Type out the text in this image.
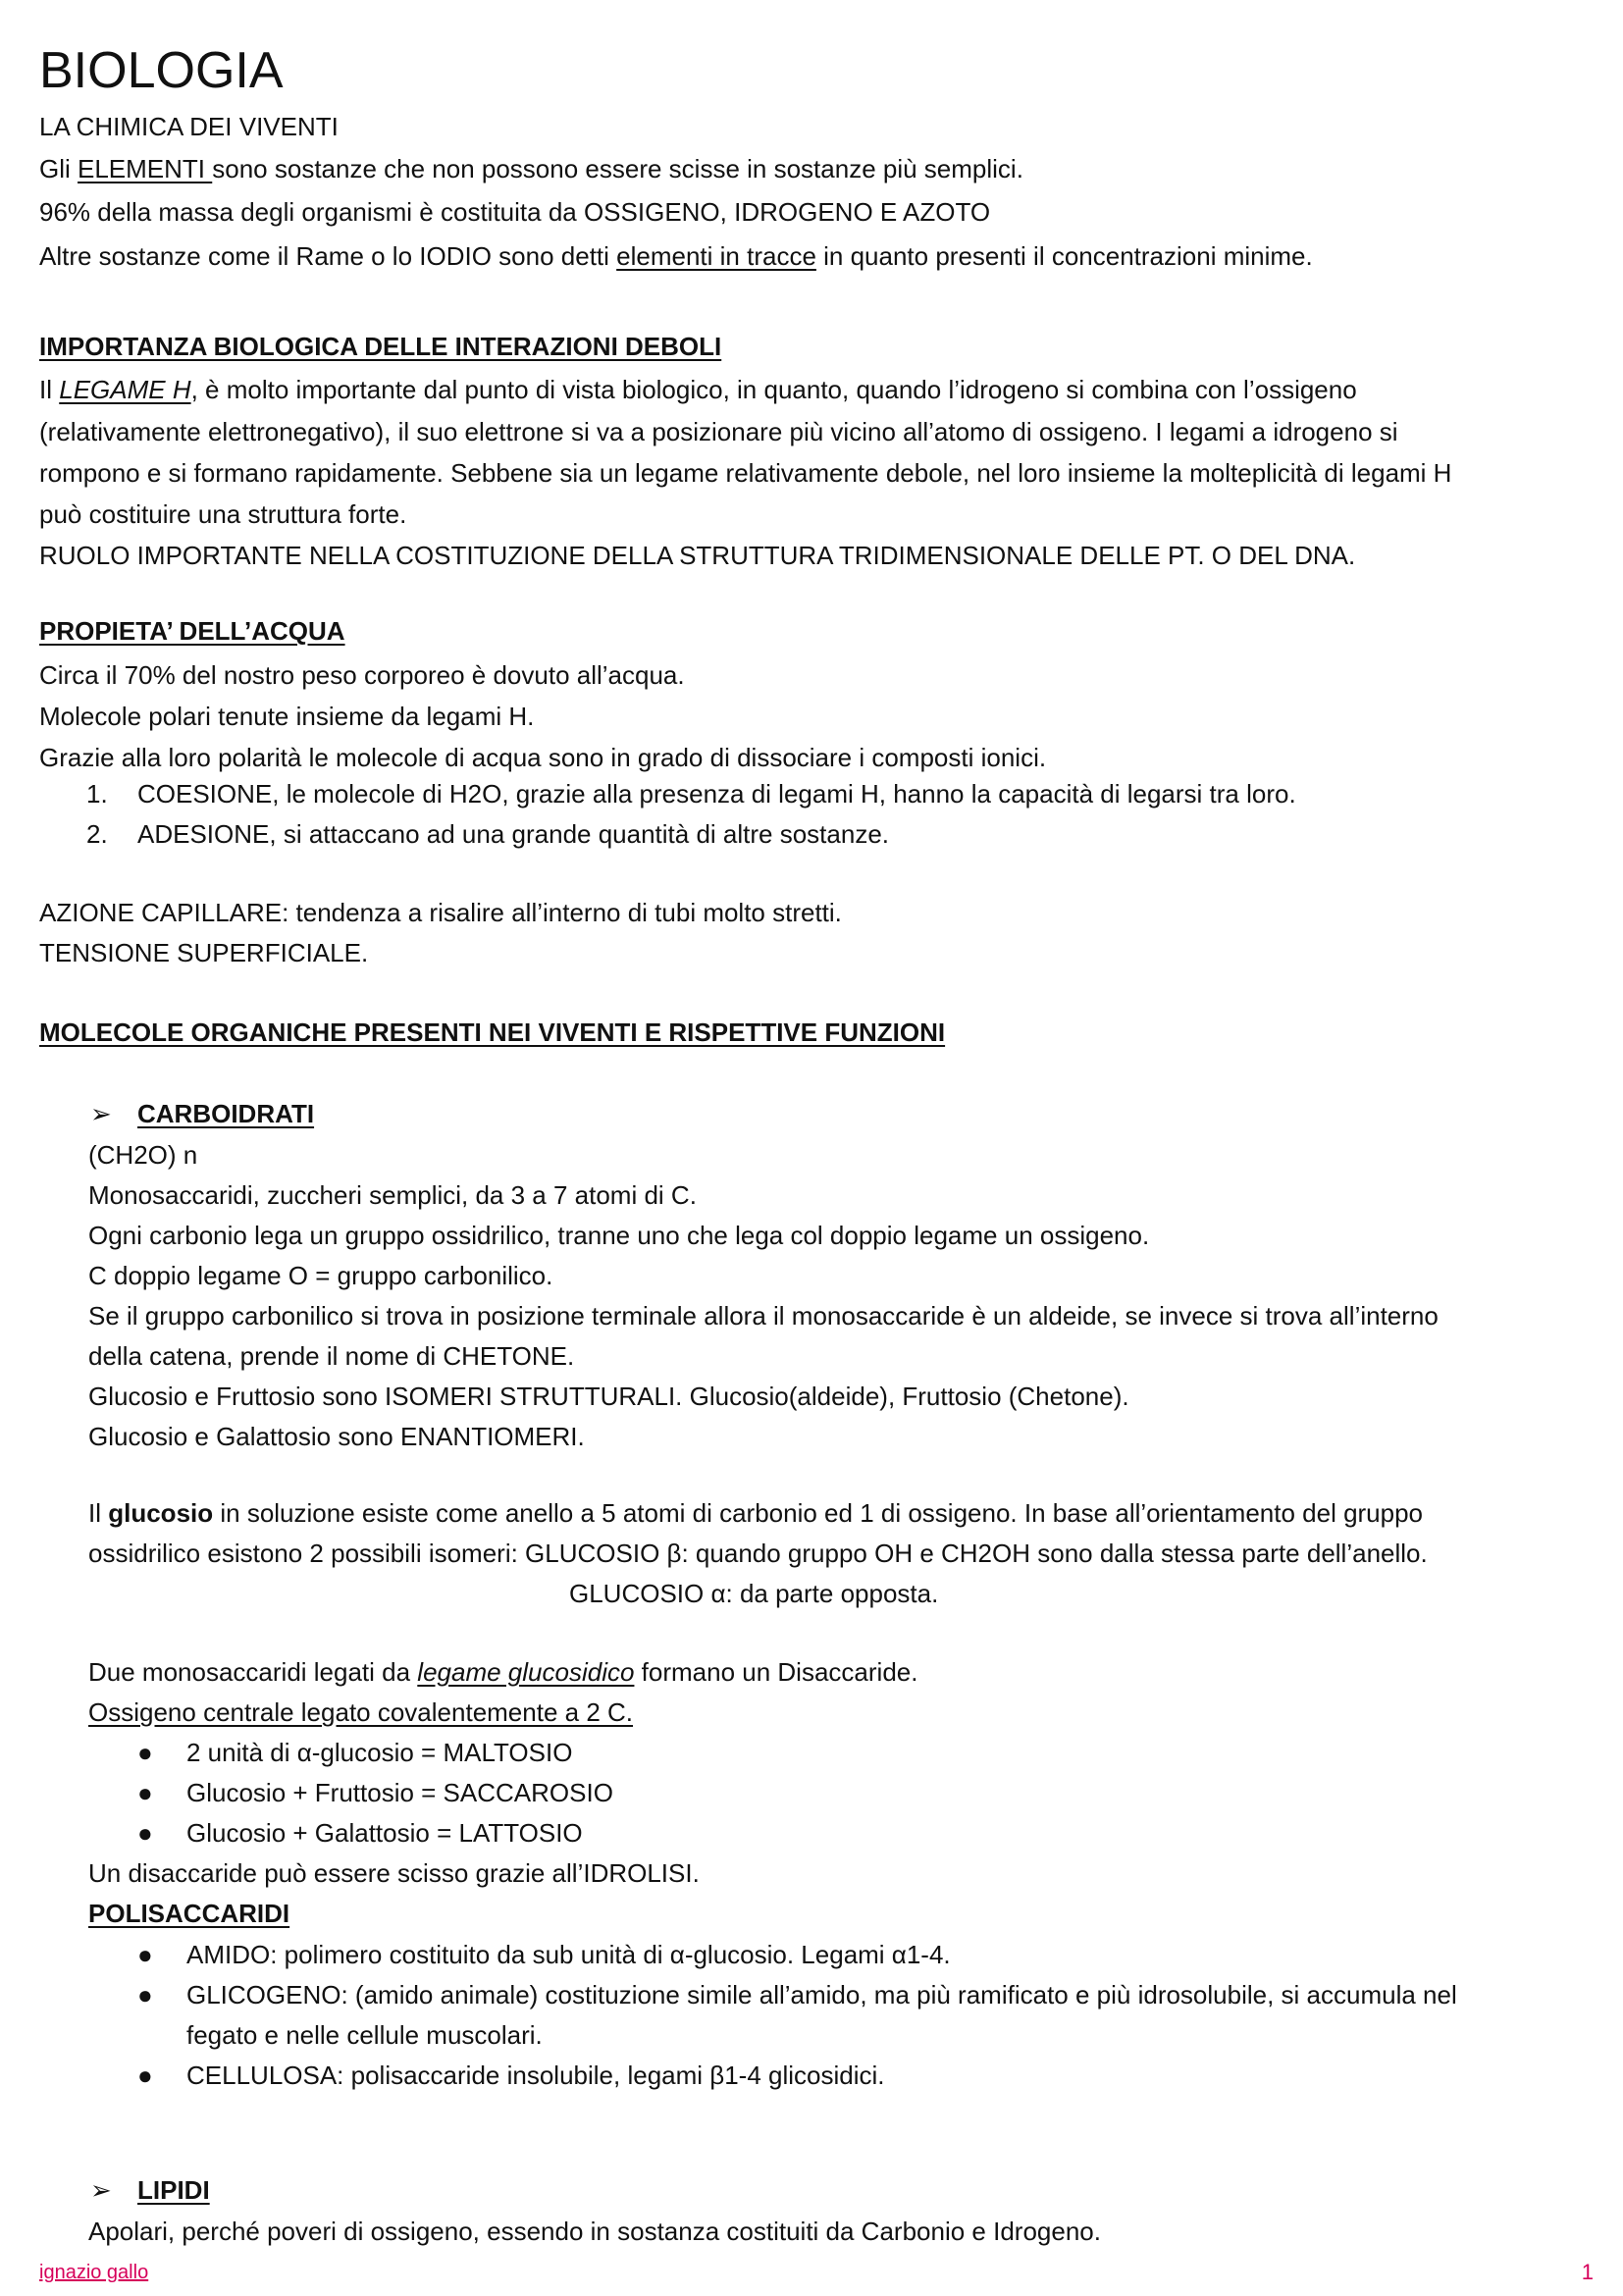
BIOLOGIA
LA CHIMICA DEI VIVENTI
Gli ELEMENTI sono sostanze che non possono essere scisse in sostanze più semplici.
96% della massa degli organismi è costituita da OSSIGENO, IDROGENO E AZOTO
Altre sostanze come il Rame o lo IODIO sono detti elementi in tracce in quanto presenti il concentrazioni minime.
IMPORTANZA BIOLOGICA DELLE INTERAZIONI DEBOLI
Il LEGAME H, è molto importante dal punto di vista biologico, in quanto, quando l’idrogeno si combina con l’ossigeno
(relativamente elettronegativo), il suo elettrone si va a posizionare più vicino all’atomo di ossigeno. I legami a idrogeno si
rompono e si formano rapidamente. Sebbene sia un legame relativamente debole, nel loro insieme la molteplicità di legami H
può costituire una struttura forte.
RUOLO IMPORTANTE NELLA COSTITUZIONE DELLA STRUTTURA TRIDIMENSIONALE DELLE PT. O DEL DNA.
PROPIETA’ DELL’ACQUA
Circa il 70% del nostro peso corporeo è dovuto all’acqua.
Molecole polari tenute insieme da legami H.
Grazie alla loro polarità le molecole di acqua sono in grado di dissociare i composti ionici.
1. COESIONE, le molecole di H2O, grazie alla presenza di legami H, hanno la capacità di legarsi tra loro.
2. ADESIONE, si attaccano ad una grande quantità di altre sostanze.
AZIONE CAPILLARE: tendenza a risalire all’interno di tubi molto stretti.
TENSIONE SUPERFICIALE.
MOLECOLE ORGANICHE PRESENTI NEI VIVENTI E RISPETTIVE FUNZIONI
➢ CARBOIDRATI
(CH2O) n
Monosaccaridi, zuccheri semplici, da 3 a 7 atomi di C.
Ogni carbonio lega un gruppo ossidrilico, tranne uno che lega col doppio legame un ossigeno.
C doppio legame O = gruppo carbonilico.
Se il gruppo carbonilico si trova in posizione terminale allora il monosaccaride è un aldeide, se invece si trova all’interno
della catena, prende il nome di CHETONE.
Glucosio e Fruttosio sono ISOMERI STRUTTURALI. Glucosio(aldeide), Fruttosio (Chetone).
Glucosio e Galattosio sono ENANTIOMERI.
Il glucosio in soluzione esiste come anello a 5 atomi di carbonio ed 1 di ossigeno. In base all’orientamento del gruppo
ossidrilico esistono 2 possibili isomeri: GLUCOSIO β: quando gruppo OH e CH2OH sono dalla stessa parte dell’anello.
GLUCOSIO α: da parte opposta.
Due monosaccaridi legati da legame glucosidico formano un Disaccaride.
Ossigeno centrale legato covalentemente a 2 C.
● 2 unità di α-glucosio = MALTOSIO
● Glucosio + Fruttosio = SACCAROSIO
● Glucosio + Galattosio = LATTOSIO
Un disaccaride può essere scisso grazie all’IDROLISI.
POLISACCARIDI
● AMIDO: polimero costituito da sub unità di α-glucosio. Legami α1-4.
● GLICOGENO: (amido animale) costituzione simile all’amido, ma più ramificato e più idrosolubile, si accumula nel
fegato e nelle cellule muscolari.
● CELLULOSA: polisaccaride insolubile, legami β1-4 glicosidici.
➢ LIPIDI
Apolari, perché poveri di ossigeno, essendo in sostanza costituiti da Carbonio e Idrogeno.
ignazio gallo	1
